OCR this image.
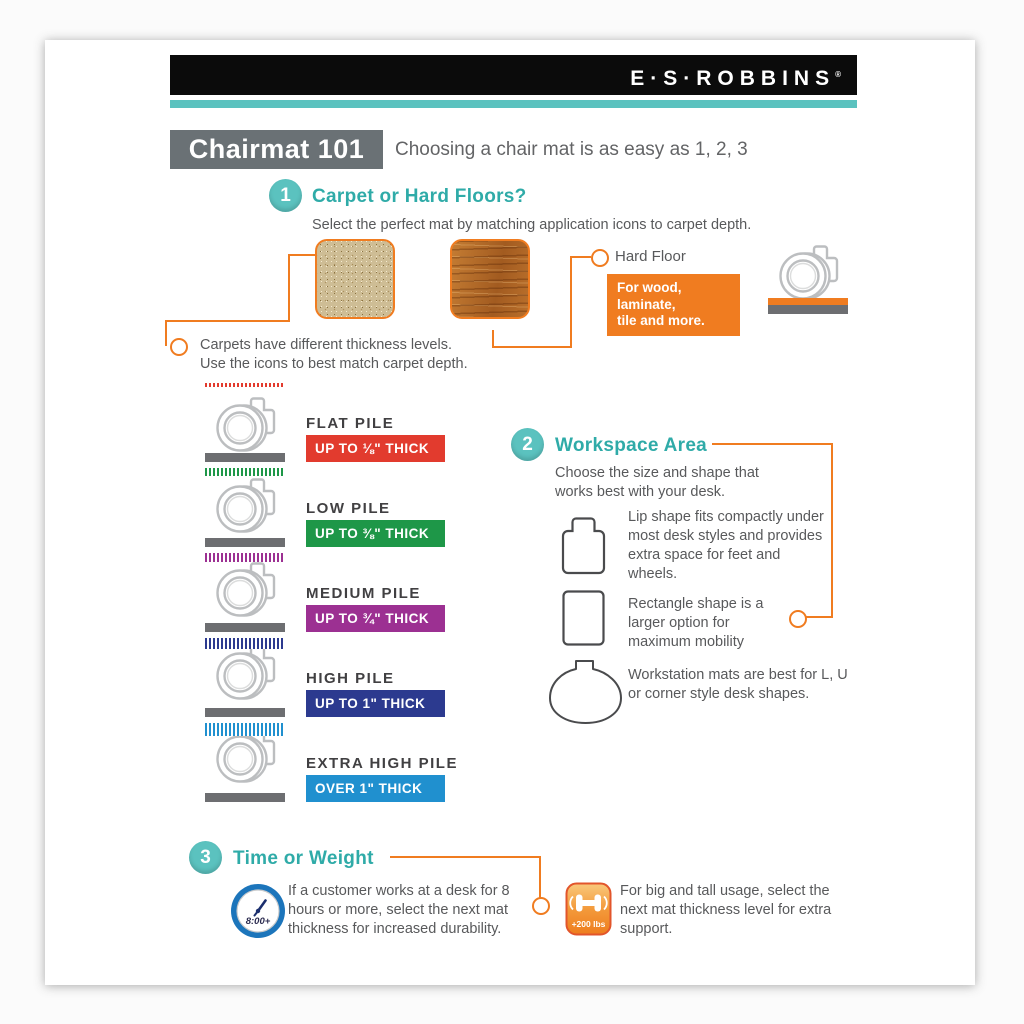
E·S·ROBBINS®
Chairmat 101	Choosing a chair mat is as easy as 1, 2, 3
1	Carpet or Hard Floors?
Select the perfect mat by matching application icons to carpet depth.
Carpets have different thickness levels.
Use the icons to best match carpet depth.
Hard Floor
For wood, laminate,
tile and more.
FLAT PILE
UP TO ⅛" THICK
LOW PILE
UP TO ⅜" THICK
MEDIUM PILE
UP TO ¾" THICK
HIGH PILE
UP TO 1" THICK
EXTRA HIGH PILE
OVER 1" THICK
2	Workspace Area
Choose the size and shape that
works best with your desk.
Lip shape fits compactly under most desk styles and provides extra space for feet and wheels.
Rectangle shape is a larger option for maximum mobility
Workstation mats are best for L, U or corner style desk shapes.
3	Time or Weight
8:00+
If a customer works at a desk for 8 hours or more, select the next mat thickness for increased durability.	+200 lbs
For big and tall usage, select the next mat thickness level for extra support.
